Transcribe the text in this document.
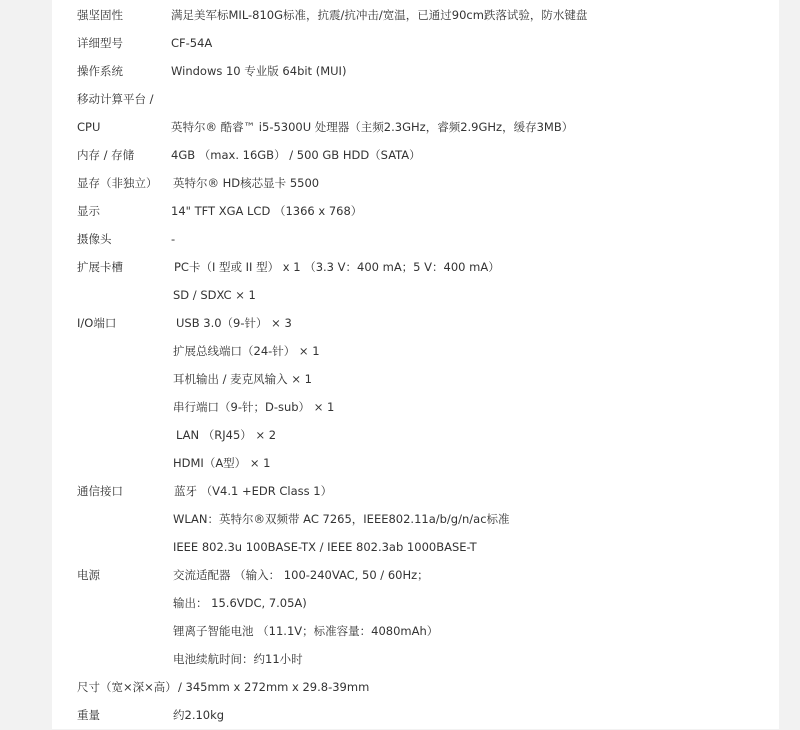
强坚固性	满足美军标MIL-810G标准，抗震/抗冲击/宽温，已通过90cm跌落试验，防水键盘
详细型号	CF-54A
操作系统	Windows 10 专业版 64bit (MUI)
移动计算平台 /
CPU	英特尔® 酷睿™ i5-5300U 处理器（主频2.3GHz，睿频2.9GHz，缓存3MB）
内存 / 存储	4GB （max. 16GB） / 500 GB HDD（SATA）
显存（非独立） 英特尔® HD核芯显卡 5500
显示	14" TFT XGA LCD （1366 x 768）
摄像头	-
扩展卡槽	PC卡（I 型或 II 型） x 1 （3.3 V：400 mA；5 V：400 mA）
SD / SDXC × 1
I/O端口	USB 3.0（9-针） × 3
扩展总线端口（24-针） × 1
耳机输出 / 麦克风输入 × 1
串行端口（9-针；D-sub） × 1
LAN （RJ45） × 2
HDMI（A型） × 1
通信接口	蓝牙 （V4.1 +EDR Class 1）
WLAN：英特尔®双频带 AC 7265，IEEE802.11a/b/g/n/ac标准
IEEE 802.3u 100BASE-TX / IEEE 802.3ab 1000BASE-T
电源	交流适配器 （输入： 100-240VAC, 50 / 60Hz；
输出： 15.6VDC, 7.05A)
锂离子智能电池 （11.1V；标准容量：4080mAh）
电池续航时间：约11小时
尺寸（宽×深×高） / 345mm x 272mm x 29.8-39mm
重量	约2.10kg
